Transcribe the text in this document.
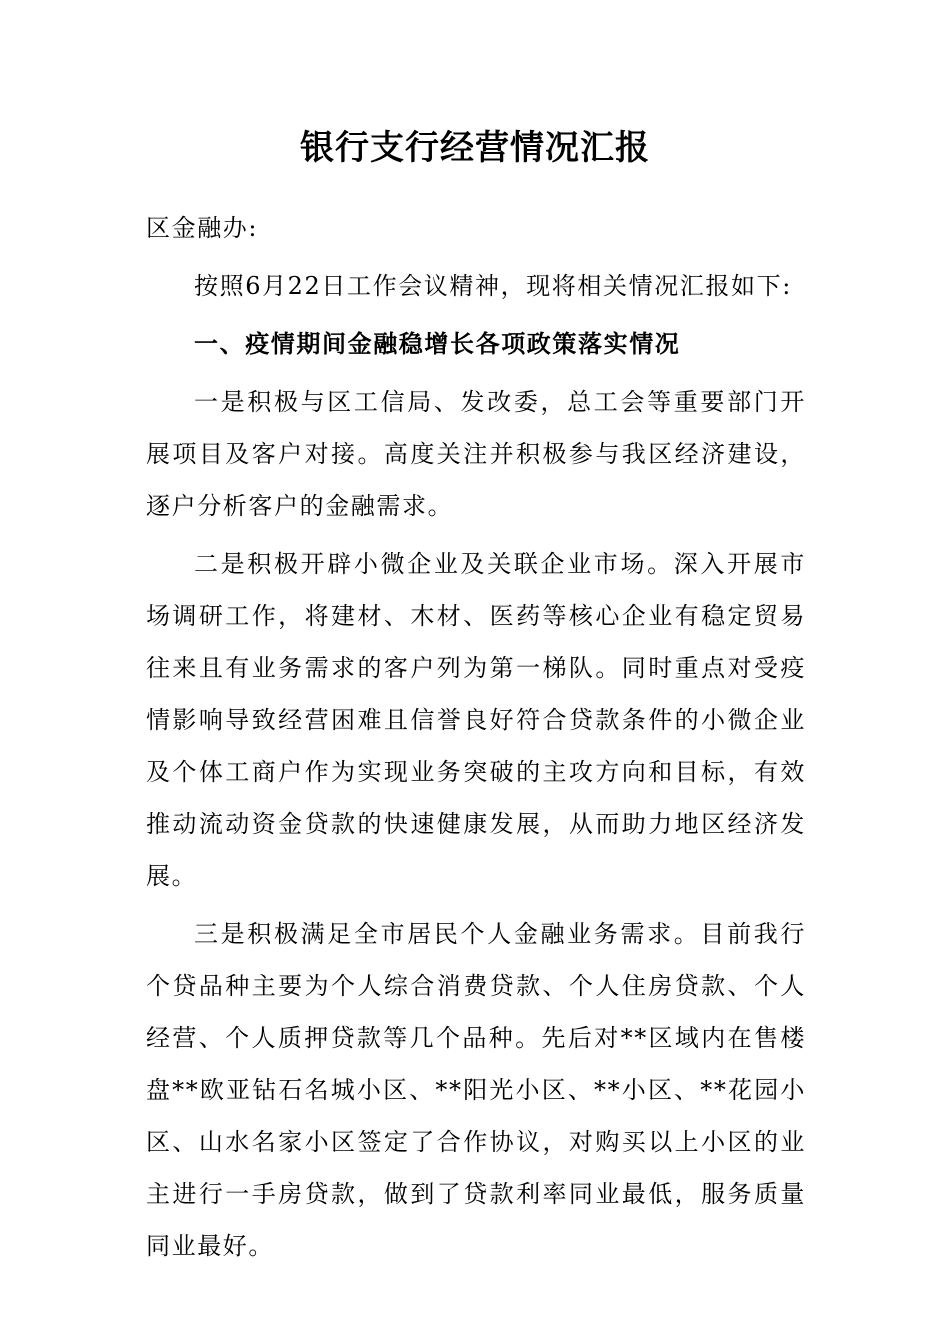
银行支行经营情况汇报

区金融办:

按照6月22日工作会议精神，现将相关情况汇报如下:

一、疫情期间金融稳增长各项政策落实情况

一是积极与区工信局、发改委，总工会等重要部门开展项目及客户对接。高度关注并积极参与我区经济建设，逐户分析客户的金融需求。

二是积极开辟小微企业及关联企业市场。深入开展市场调研工作，将建材、木材、医药等核心企业有稳定贸易往来且有业务需求的客户列为第一梯队。同时重点对受疫情影响导致经营困难且信誉良好符合贷款条件的小微企业及个体工商户作为实现业务突破的主攻方向和目标，有效推动流动资金贷款的快速健康发展，从而助力地区经济发展。

三是积极满足全市居民个人金融业务需求。目前我行个贷品种主要为个人综合消费贷款、个人住房贷款、个人经营、个人质押贷款等几个品种。先后对**区域内在售楼盘**欧亚钻石名城小区、**阳光小区、**小区、**花园小区、山水名家小区签定了合作协议，对购买以上小区的业主进行一手房贷款，做到了贷款利率同业最低，服务质量同业最好。
